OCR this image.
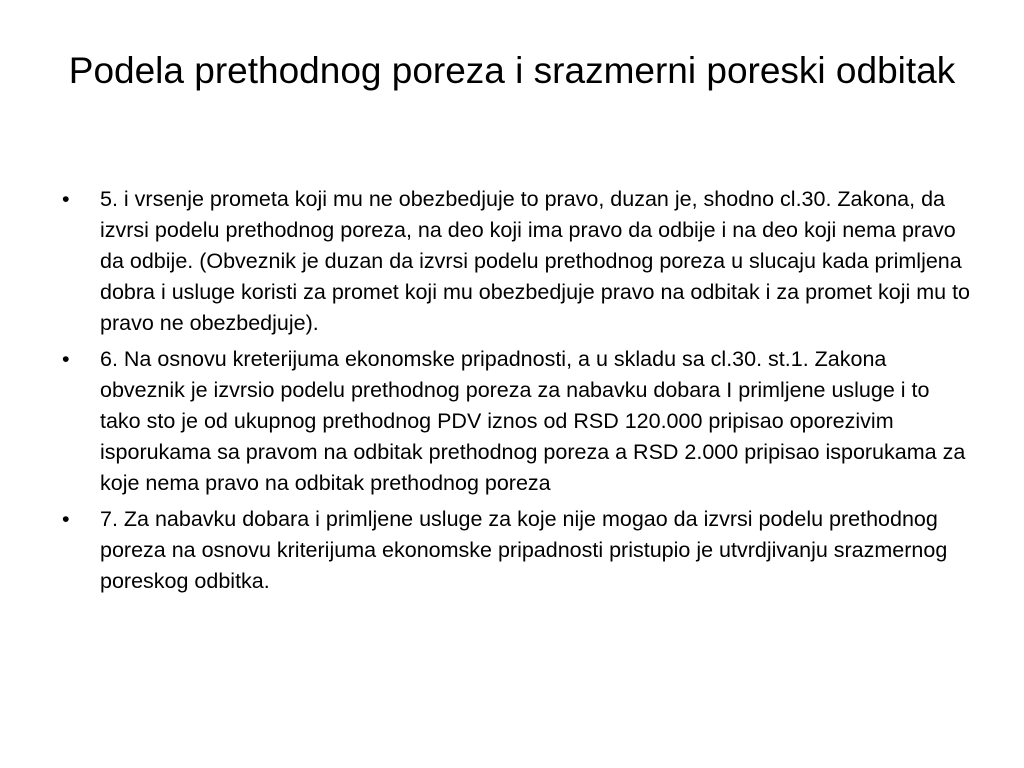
Podela prethodnog poreza i srazmerni poreski odbitak
•	5. i vrsenje prometa koji mu ne obezbedjuje to pravo, duzan je, shodno cl.30. Zakona, da izvrsi podelu prethodnog poreza, na deo koji ima pravo da odbije i na deo koji nema pravo da odbije. (Obveznik je duzan da izvrsi podelu prethodnog poreza u slucaju kada primljena dobra i usluge koristi za promet koji mu obezbedjuje pravo na odbitak i za promet koji mu to pravo ne obezbedjuje).
•	6. Na osnovu kreterijuma ekonomske pripadnosti, a u skladu sa cl.30. st.1. Zakona obveznik je izvrsio podelu prethodnog poreza za nabavku dobara I primljene usluge i to tako sto je od ukupnog prethodnog PDV iznos od RSD 120.000 pripisao oporezivim isporukama sa pravom na odbitak prethodnog poreza a RSD 2.000 pripisao isporukama za koje nema pravo na odbitak prethodnog poreza
•	7. Za nabavku dobara i primljene usluge za koje nije mogao da izvrsi podelu prethodnog poreza na osnovu kriterijuma ekonomske pripadnosti pristupio je utvrdjivanju srazmernog poreskog odbitka.
